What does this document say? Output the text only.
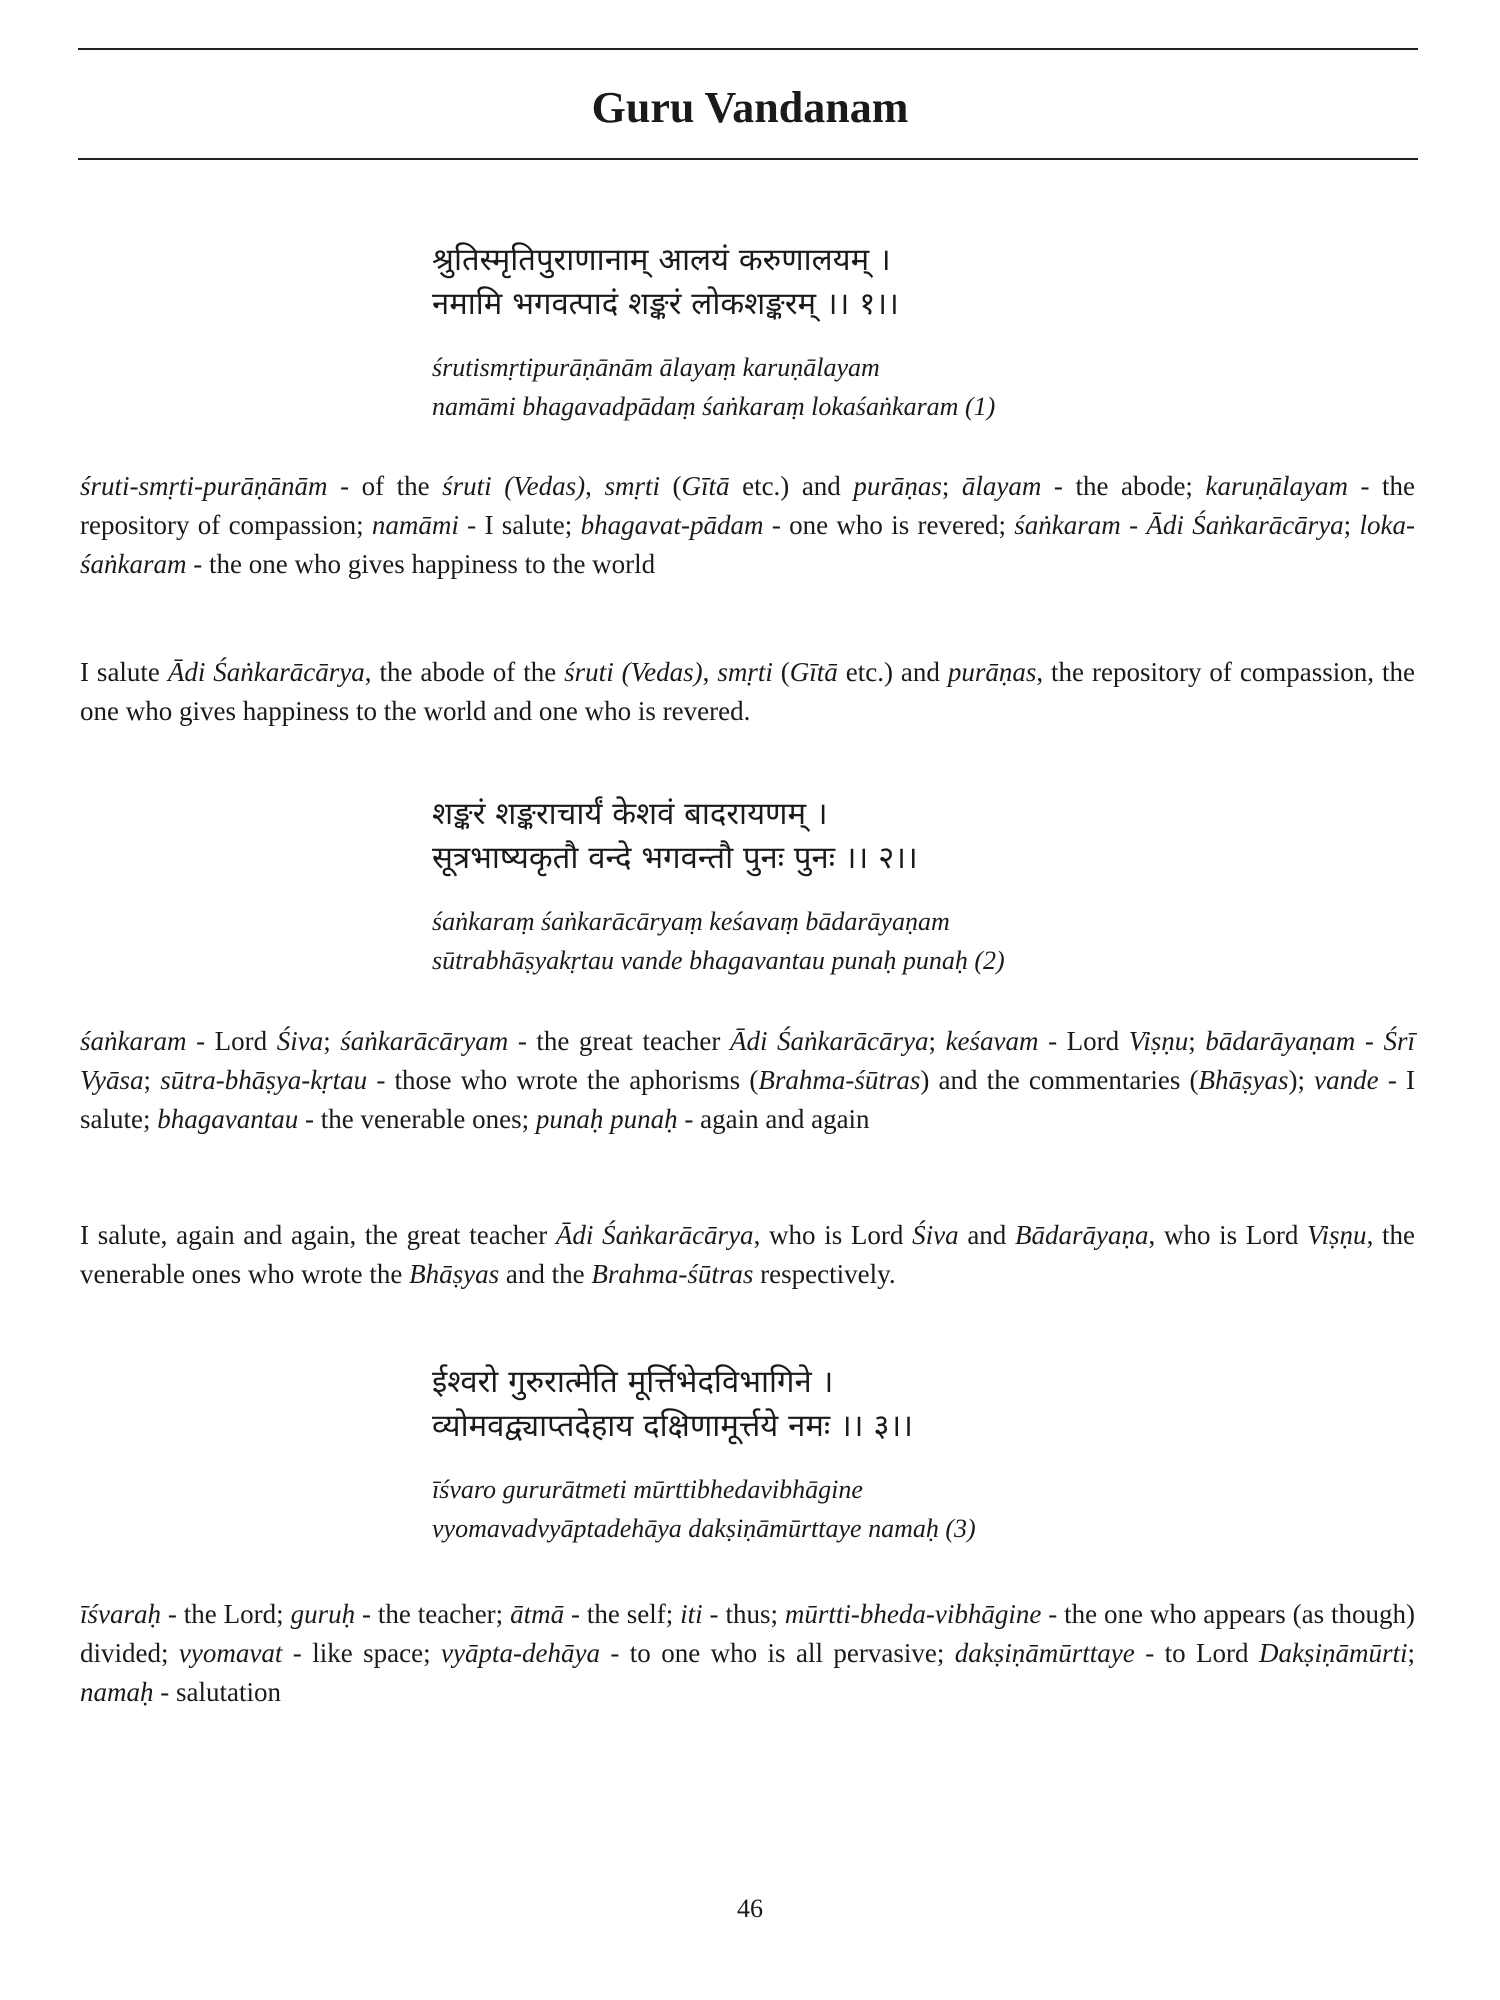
Guru Vandanam
श्रुतिस्मृतिपुराणानाम् आलयं करुणालयम् ।
नमामि भगवत्पादं शङ्करं लोकशङ्करम् ।। १।।
śrutismṛtipurāṇānām ālayaṃ karuṇālayam
namāmi bhagavadpādaṃ śaṅkaraṃ lokaśaṅkaram (1)

śruti-smṛti-purāṇānām - of the śruti (Vedas), smṛti (Gītā etc.) and purāṇas; ālayam - the abode; karuṇālayam - the repository of compassion; namāmi - I salute; bhagavat-pādam - one who is revered; śaṅkaram - Ādi Śaṅkarācārya; loka-śaṅkaram - the one who gives happiness to the world

I salute Ādi Śaṅkarācārya, the abode of the śruti (Vedas), smṛti (Gītā etc.) and purāṇas, the repository of compassion, the one who gives happiness to the world and one who is revered.

शङ्करं शङ्कराचार्यं केशवं बादरायणम् ।
सूत्रभाष्यकृतौ वन्दे भगवन्तौ पुनः पुनः ।। २।।
śaṅkaraṃ śaṅkarācāryaṃ keśavaṃ bādarāyaṇam
sūtrabhāṣyakṛtau vande bhagavantau punaḥ punaḥ (2)

śaṅkaram - Lord Śiva; śaṅkarācāryam - the great teacher Ādi Śaṅkarācārya; keśavam - Lord Viṣṇu; bādarāyaṇam - Śrī Vyāsa; sūtra-bhāṣya-kṛtau - those who wrote the aphorisms (Brahma-śūtras) and the commentaries (Bhāṣyas); vande - I salute; bhagavantau - the venerable ones; punaḥ punaḥ - again and again

I salute, again and again, the great teacher Ādi Śaṅkarācārya, who is Lord Śiva and Bādarāyaṇa, who is Lord Viṣṇu, the venerable ones who wrote the Bhāṣyas and the Brahma-śūtras respectively.

ईश्वरो गुरुरात्मेति मूर्त्तिभेदविभागिने ।
व्योमवद्व्याप्तदेहाय दक्षिणामूर्त्तये नमः ।। ३।।
īśvaro gururātmeti mūrttibhedavibhāgine
vyomavadvyāptadehāya dakṣiṇāmūrttaye namaḥ (3)

īśvaraḥ - the Lord; guruḥ - the teacher; ātmā - the self; iti - thus; mūrtti-bheda-vibhāgine - the one who appears (as though) divided; vyomavat - like space; vyāpta-dehāya - to one who is all pervasive; dakṣiṇāmūrttaye - to Lord Dakṣiṇāmūrti; namaḥ - salutation

46
